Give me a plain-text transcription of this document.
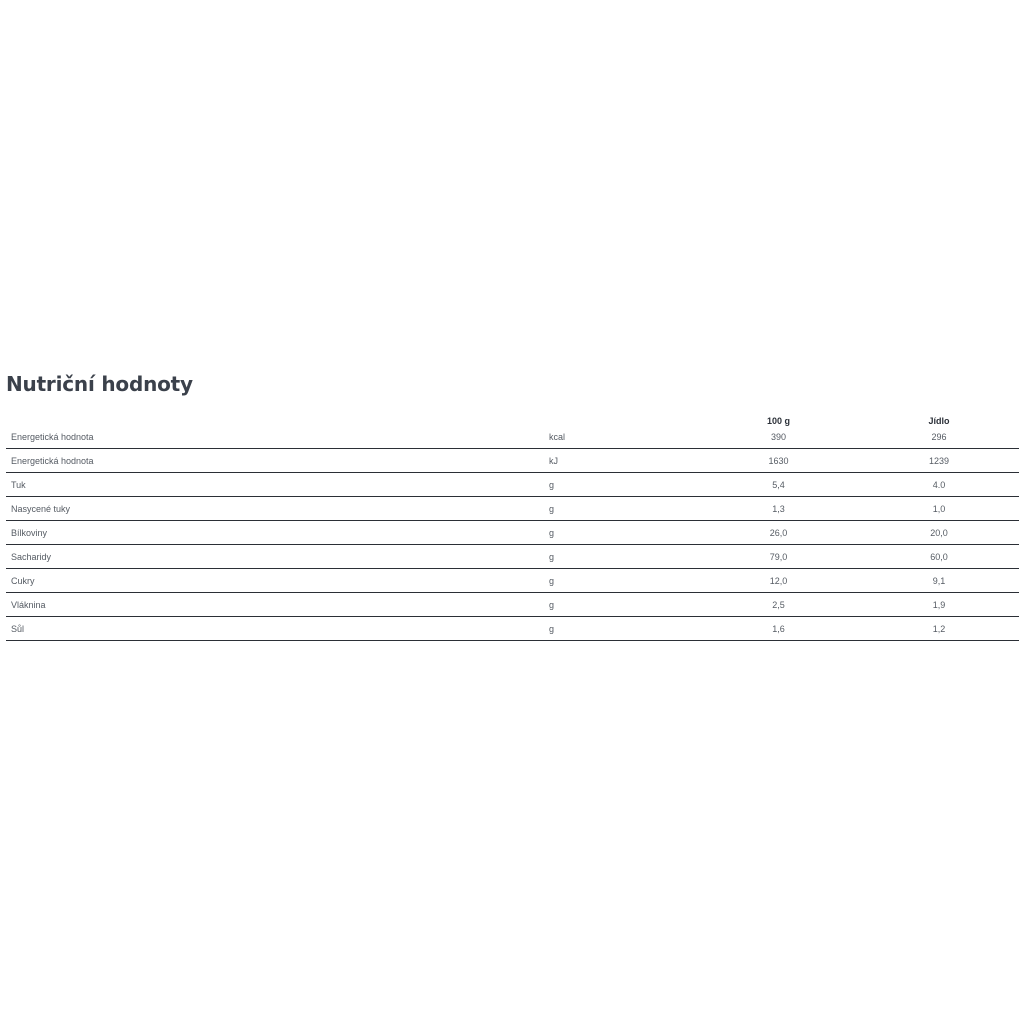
Nutriční hodnoty
		100 g	Jídlo
Energetická hodnota	kcal	390	296
Energetická hodnota	kJ	1630	1239
Tuk	g	5,4	4.0
Nasycené tuky	g	1,3	1,0
Bílkoviny	g	26,0	20,0
Sacharidy	g	79,0	60,0
Cukry	g	12,0	9,1
Vláknina	g	2,5	1,9
Sůl	g	1,6	1,2
